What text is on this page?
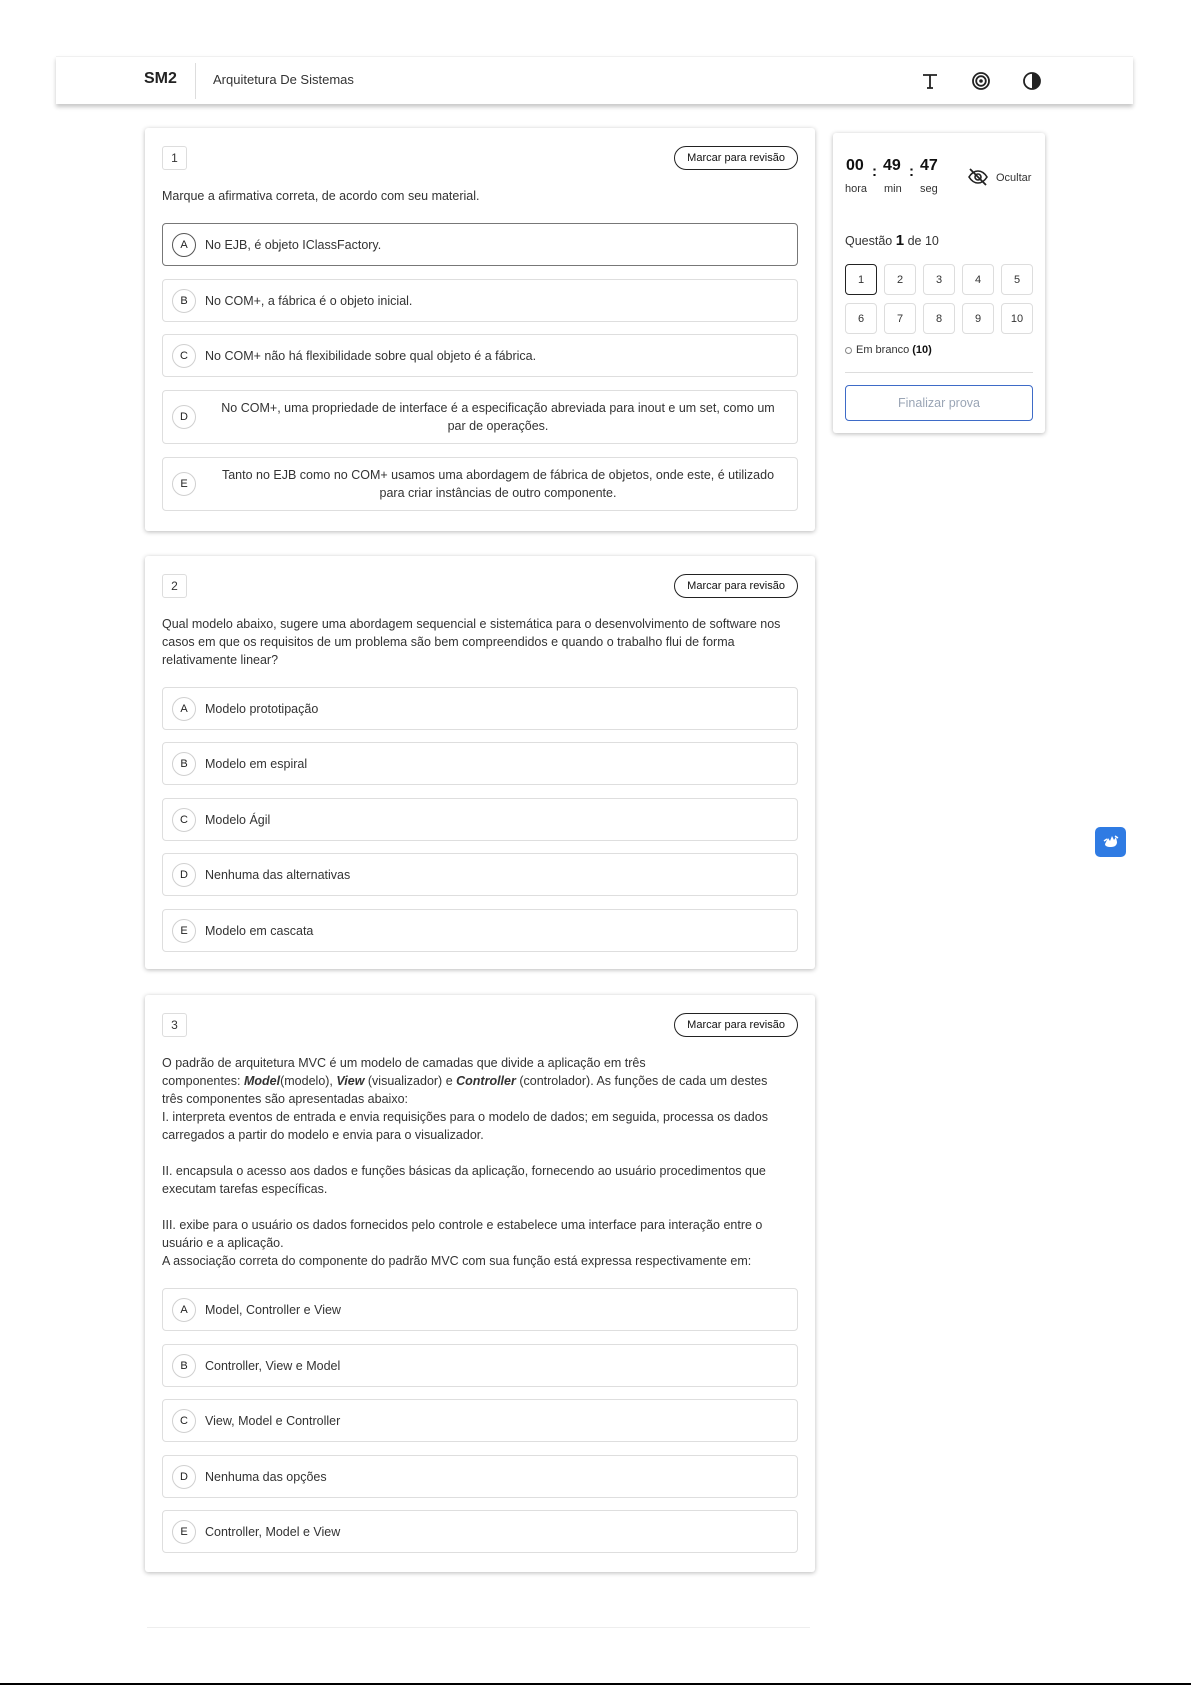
SM2	Arquitetura De Sistemas
1	Marcar para revisão
Marque a afirmativa correta, de acordo com seu material.
A	No EJB, é objeto IClassFactory.
B	No COM+, a fábrica é o objeto inicial.
C	No COM+ não há flexibilidade sobre qual objeto é a fábrica.
D
No COM+, uma propriedade de interface é a especificação abreviada para inout e um set, como um par de operações.
E
Tanto no EJB como no COM+ usamos uma abordagem de fábrica de objetos, onde este, é utilizado para criar instâncias de outro componente.
2	Marcar para revisão
Qual modelo abaixo, sugere uma abordagem sequencial e sistemática para o desenvolvimento de software nos casos em que os requisitos de um problema são bem compreendidos e quando o trabalho flui de forma relativamente linear?
A	Modelo prototipação
B	Modelo em espiral
C	Modelo Ágil
D	Nenhuma das alternativas
E	Modelo em cascata
3	Marcar para revisão

O padrão de arquitetura MVC é um modelo de camadas que divide a aplicação em três

componentes: Model(modelo), View (visualizador) e Controller (controlador). As funções de cada um destes

três componentes são apresentadas abaixo:

I. interpreta eventos de entrada e envia requisições para o modelo de dados; em seguida, processa os dados carregados a partir do modelo e envia para o visualizador.

II. encapsula o acesso aos dados e funções básicas da aplicação, fornecendo ao usuário procedimentos que executam tarefas específicas.

III. exibe para o usuário os dados fornecidos pelo controle e estabelece uma interface para interação entre o usuário e a aplicação.

A associação correta do componente do padrão MVC com sua função está expressa respectivamente em:

A	Model, Controller e View
B	Controller, View e Model
C	View, Model e Controller
D	Nenhuma das opções
E	Controller, Model e View
00 : 49 : 47
hora min seg
Ocultar
Questão 1 de 10
1	2	3	4	5
6	7	8	9	10
Em branco (10)
Finalizar prova
